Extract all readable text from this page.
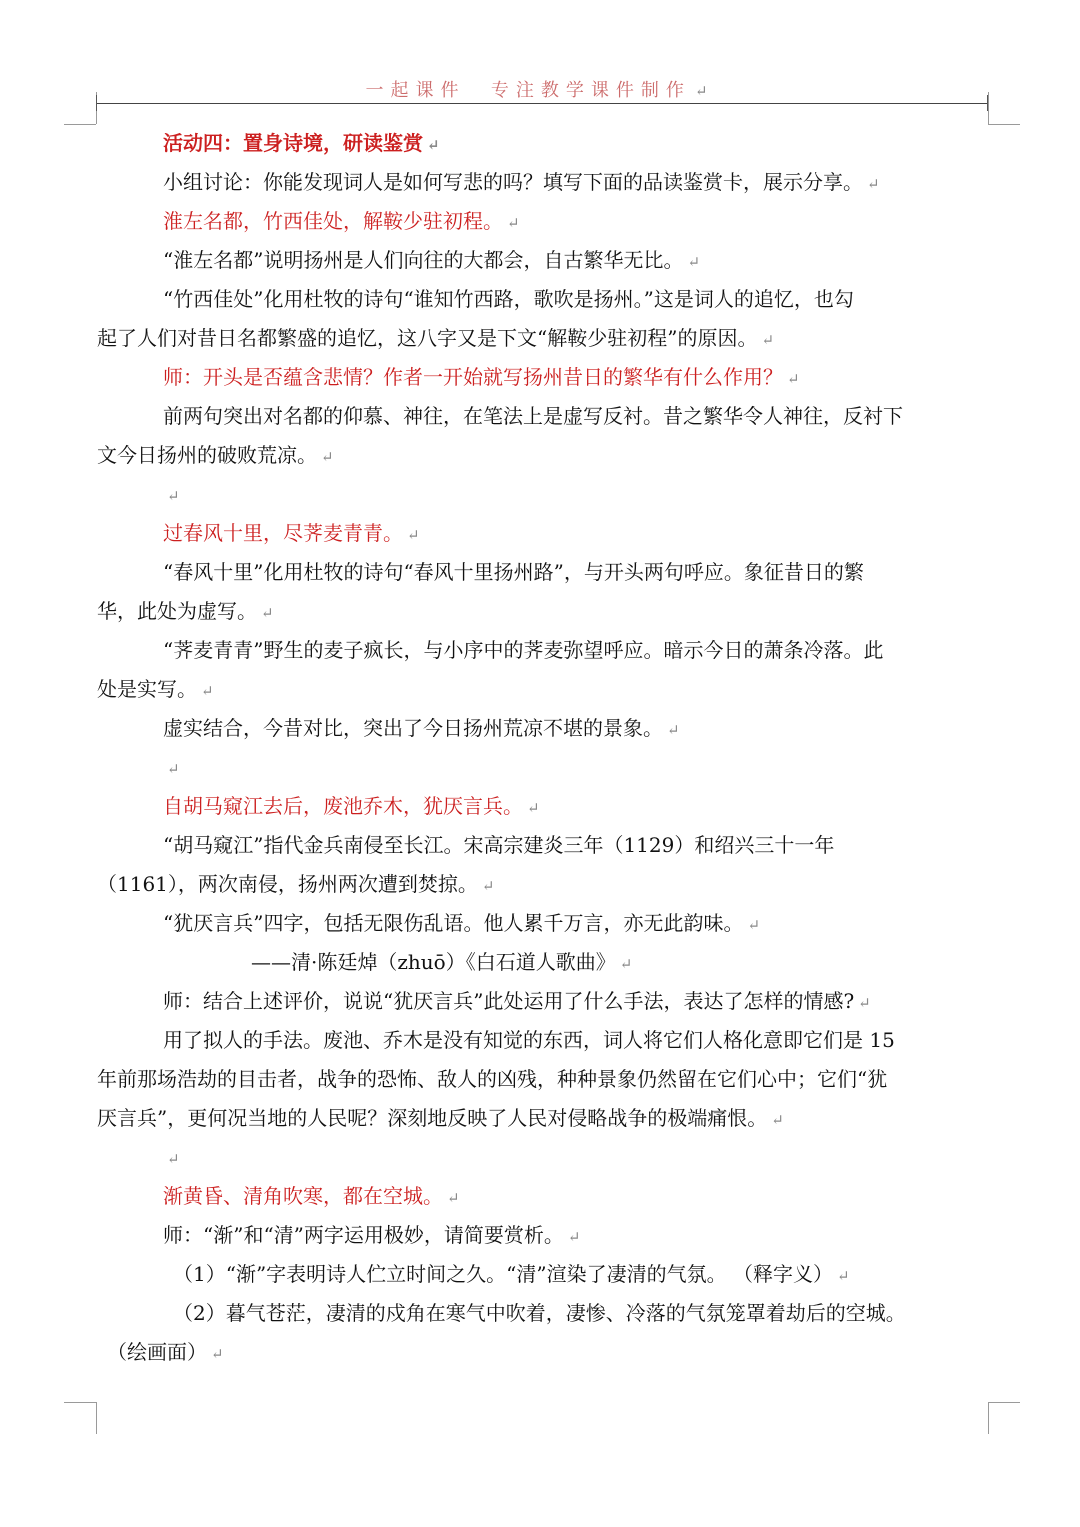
一起课件  专注教学课件制作 ↵
活动四：置身诗境，研读鉴赏 ↵
小组讨论：你能发现词人是如何写悲的吗？填写下面的品读鉴赏卡，展示分享。 ↵
淮左名都，竹西佳处，解鞍少驻初程。 ↵
“淮左名都”说明扬州是人们向往的大都会，自古繁华无比。 ↵
“竹西佳处”化用杜牧的诗句“谁知竹西路，歌吹是扬州。”这是词人的追忆，也勾
起了人们对昔日名都繁盛的追忆，这八字又是下文“解鞍少驻初程”的原因。 ↵
师：开头是否蕴含悲情？作者一开始就写扬州昔日的繁华有什么作用？ ↵
前两句突出对名都的仰慕、神往，在笔法上是虚写反衬。昔之繁华令人神往，反衬下
文今日扬州的破败荒凉。 ↵
↵
过春风十里，尽荠麦青青。 ↵
“春风十里”化用杜牧的诗句“春风十里扬州路”，与开头两句呼应。象征昔日的繁
华，此处为虚写。 ↵
“荠麦青青”野生的麦子疯长，与小序中的荠麦弥望呼应。暗示今日的萧条冷落。此
处是实写。 ↵
虚实结合，今昔对比，突出了今日扬州荒凉不堪的景象。 ↵
↵
自胡马窥江去后，废池乔木，犹厌言兵。 ↵
“胡马窥江”指代金兵南侵至长江。宋高宗建炎三年（1129）和绍兴三十一年
（1161），两次南侵，扬州两次遭到焚掠。 ↵
“犹厌言兵”四字，包括无限伤乱语。他人累千万言，亦无此韵味。 ↵
——清·陈廷焯（zhuō）《白石道人歌曲》 ↵
师：结合上述评价，说说“犹厌言兵”此处运用了什么手法，表达了怎样的情感? ↵
用了拟人的手法。废池、乔木是没有知觉的东西，词人将它们人格化意即它们是 15
年前那场浩劫的目击者，战争的恐怖、敌人的凶残，种种景象仍然留在它们心中；它们“犹
厌言兵”，更何况当地的人民呢？深刻地反映了人民对侵略战争的极端痛恨。 ↵
↵
渐黄昏、清角吹寒，都在空城。 ↵
师：“渐”和“清”两字运用极妙，请简要赏析。 ↵
（1）“渐”字表明诗人伫立时间之久。“清”渲染了凄清的气氛。 （释字义） ↵
（2）暮气苍茫，凄清的戍角在寒气中吹着，凄惨、冷落的气氛笼罩着劫后的空城。
（绘画面） ↵
